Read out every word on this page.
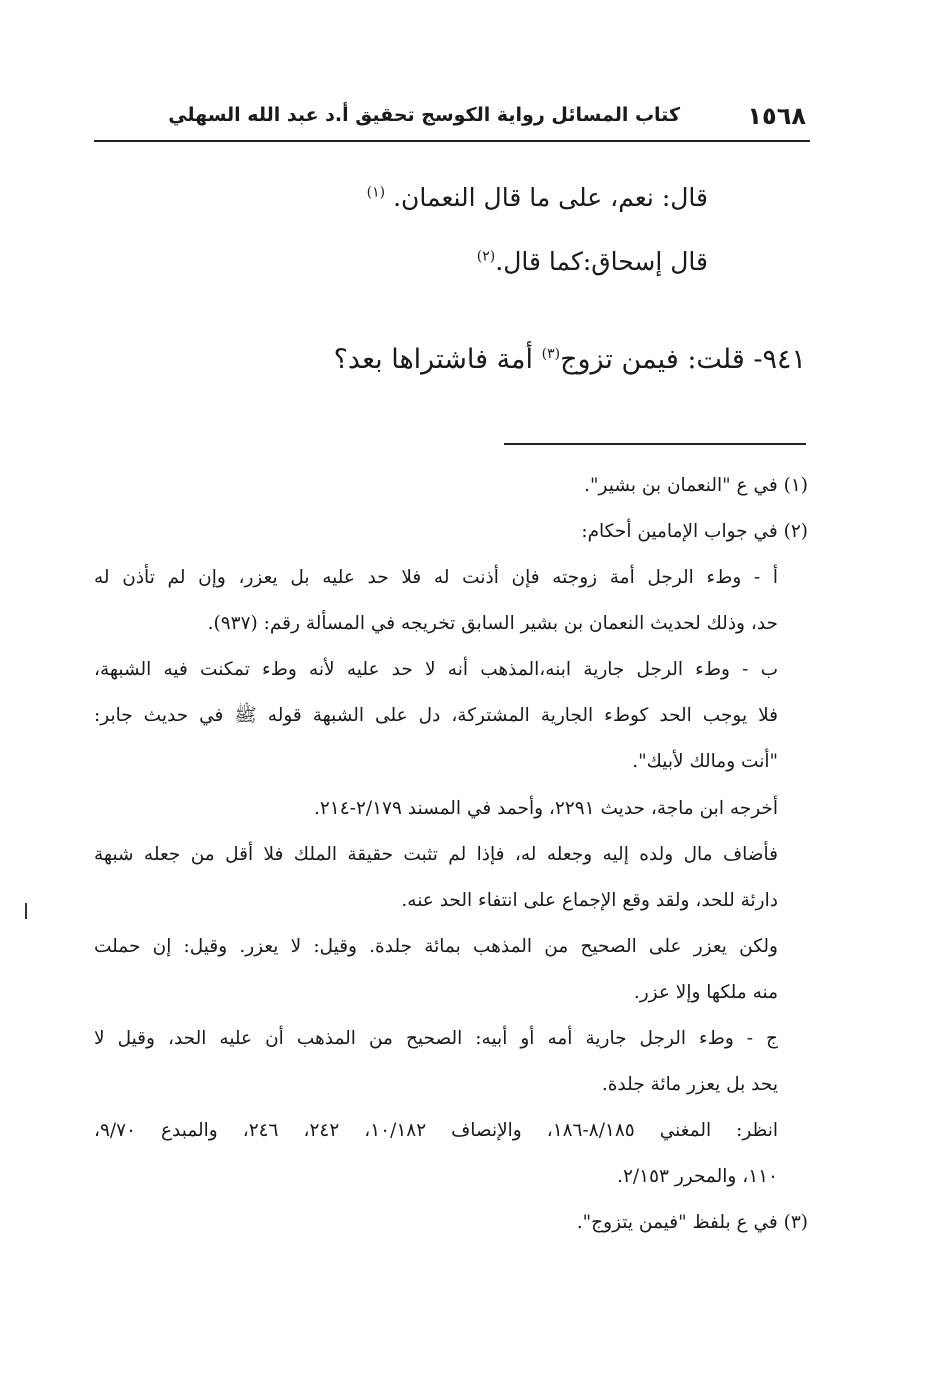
١٥٦٨
كتاب المسائل رواية الكوسج تحقيق أ.د عبد الله السهلي
قال: نعم، على ما قال النعمان. $^{(١)}$
قال إسحاق:كما قال.$^{(٢)}$
٩٤١- قلت: فيمن تزوج$^{(٣)}$ أمة فاشتراها بعد؟
(١) في ع "النعمان بن بشير".
(٢) في جواب الإمامين أحكام:
أ - وطء الرجل أمة زوجته فإن أذنت له فلا حد عليه بل يعزر، وإن لم تأذن له
حد، وذلك لحديث النعمان بن بشير السابق تخريجه في المسألة رقم: (٩٣٧).
ب - وطء الرجل جارية ابنه،المذهب أنه لا حد عليه لأنه وطء تمكنت فيه الشبهة،
فلا يوجب الحد كوطء الجارية المشتركة، دل على الشبهة قوله ﷺ في حديث جابر:
"أنت ومالك لأبيك".
أخرجه ابن ماجة، حديث ٢٢٩١، وأحمد في المسند ٢/١٧٩-٢١٤.
فأضاف مال ولده إليه وجعله له، فإذا لم تثبت حقيقة الملك فلا أقل من جعله شبهة
دارئة للحد، ولقد وقع الإجماع على انتفاء الحد عنه.
ولكن يعزر على الصحيح من المذهب بمائة جلدة. وقيل: لا يعزر. وقيل: إن حملت
منه ملكها وإلا عزر.
ج - وطء الرجل جارية أمه أو أبيه: الصحيح من المذهب أن عليه الحد، وقيل لا
يحد بل يعزر مائة جلدة.
انظر: المغني ٨/١٨٥-١٨٦، والإنصاف ١٠/١٨٢، ٢٤٢، ٢٤٦، والمبدع ٩/٧٠،
١١٠، والمحرر ٢/١٥٣.
(٣) في ع بلفظ "فيمن يتزوج".
